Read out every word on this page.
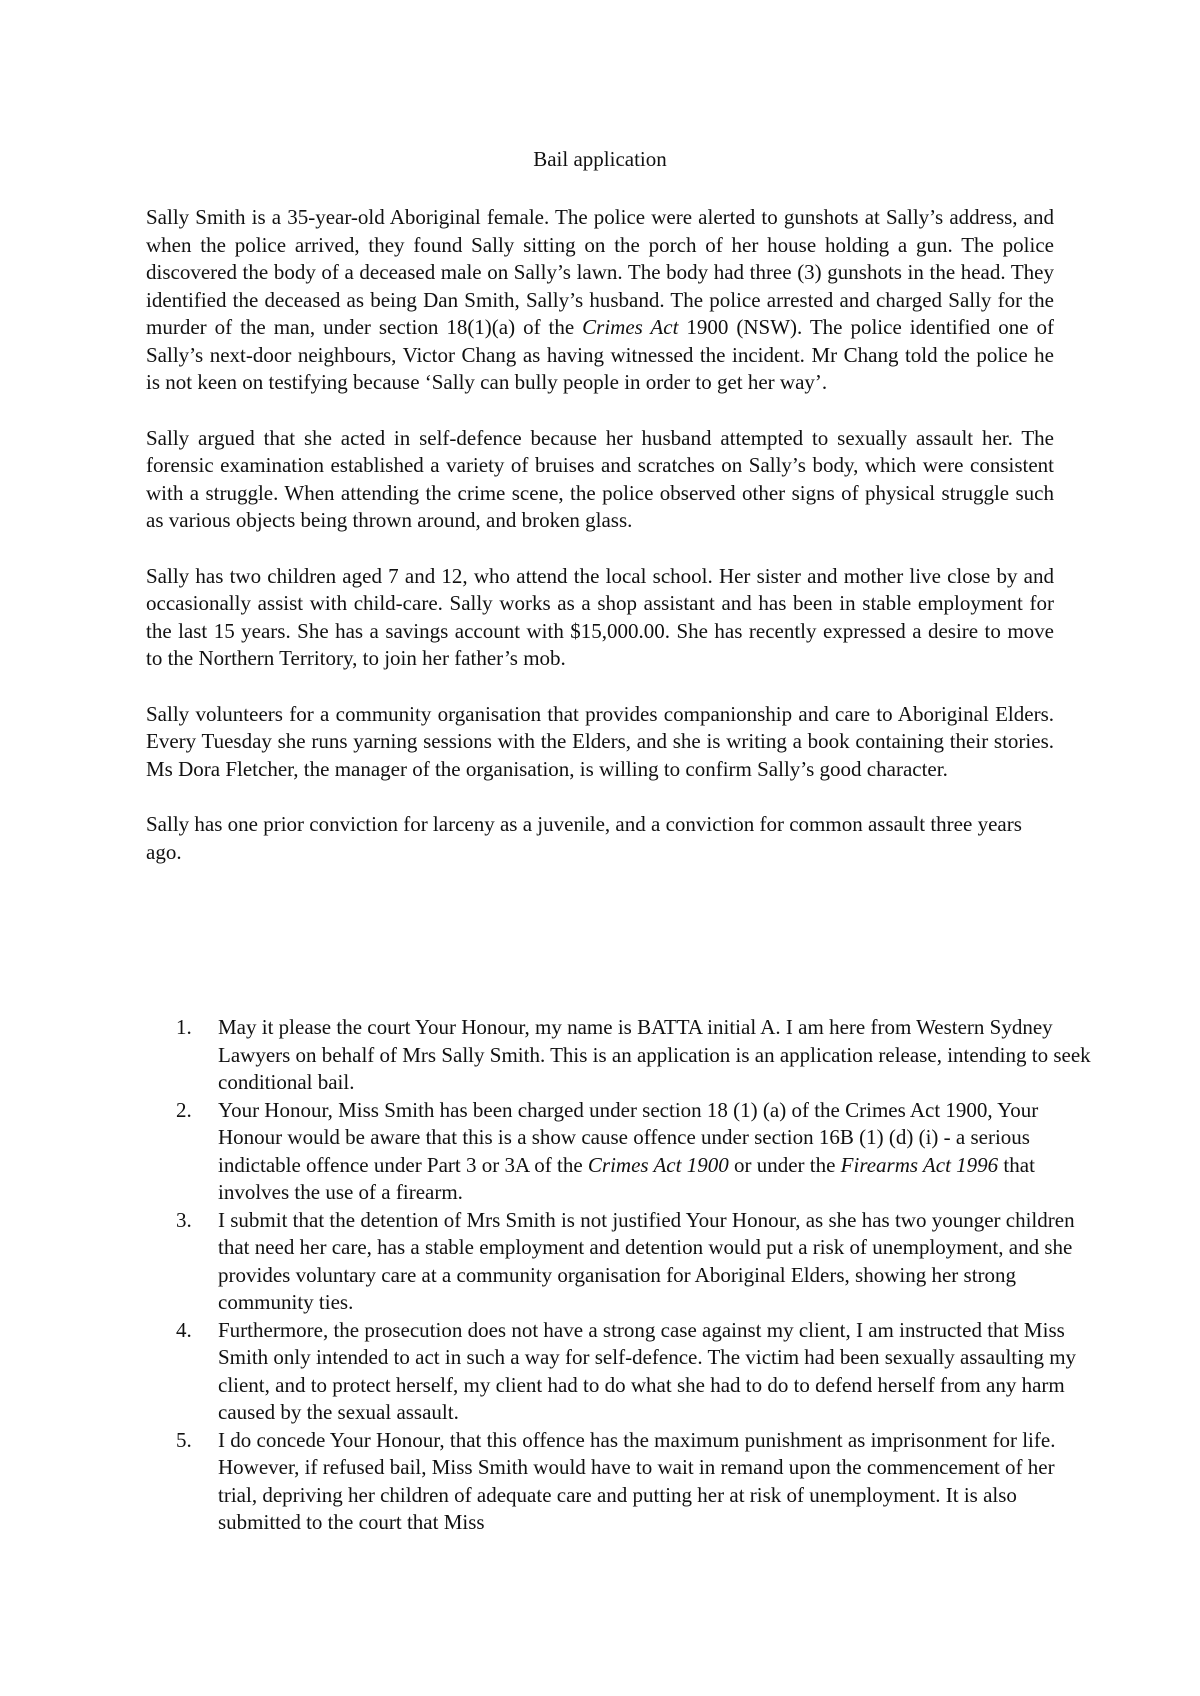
Bail application

Sally Smith is a 35-year-old Aboriginal female. The police were alerted to gunshots at Sally’s address, and when the police arrived, they found Sally sitting on the porch of her house holding a gun. The police discovered the body of a deceased male on Sally’s lawn. The body had three (3) gunshots in the head. They identified the deceased as being Dan Smith, Sally’s husband. The police arrested and charged Sally for the murder of the man, under section 18(1)(a) of the Crimes Act 1900 (NSW). The police identified one of Sally’s next-door neighbours, Victor Chang as having witnessed the incident. Mr Chang told the police he is not keen on testifying because ‘Sally can bully people in order to get her way’.

Sally argued that she acted in self-defence because her husband attempted to sexually assault her. The forensic examination established a variety of bruises and scratches on Sally’s body, which were consistent with a struggle. When attending the crime scene, the police observed other signs of physical struggle such as various objects being thrown around, and broken glass.

Sally has two children aged 7 and 12, who attend the local school. Her sister and mother live close by and occasionally assist with child-care. Sally works as a shop assistant and has been in stable employment for the last 15 years. She has a savings account with $15,000.00. She has recently expressed a desire to move to the Northern Territory, to join her father’s mob.

Sally volunteers for a community organisation that provides companionship and care to Aboriginal Elders. Every Tuesday she runs yarning sessions with the Elders, and she is writing a book containing their stories. Ms Dora Fletcher, the manager of the organisation, is willing to confirm Sally’s good character.

Sally has one prior conviction for larceny as a juvenile, and a conviction for common assault three years ago.

1.	May it please the court Your Honour, my name is BATTA initial A. I am here from Western Sydney Lawyers on behalf of Mrs Sally Smith. This is an application is an application release, intending to seek conditional bail.
2.	Your Honour, Miss Smith has been charged under section 18 (1) (a) of the Crimes Act 1900, Your Honour would be aware that this is a show cause offence under section 16B (1) (d) (i) - a serious indictable offence under Part 3 or 3A of the Crimes Act 1900 or under the Firearms Act 1996 that involves the use of a firearm.
3.	I submit that the detention of Mrs Smith is not justified Your Honour, as she has two younger children that need her care, has a stable employment and detention would put a risk of unemployment, and she provides voluntary care at a community organisation for Aboriginal Elders, showing her strong community ties.
4.	Furthermore, the prosecution does not have a strong case against my client, I am instructed that Miss Smith only intended to act in such a way for self-defence. The victim had been sexually assaulting my client, and to protect herself, my client had to do what she had to do to defend herself from any harm caused by the sexual assault.
5.	I do concede Your Honour, that this offence has the maximum punishment as imprisonment for life. However, if refused bail, Miss Smith would have to wait in remand upon the commencement of her trial, depriving her children of adequate care and putting her at risk of unemployment. It is also submitted to the court that Miss
